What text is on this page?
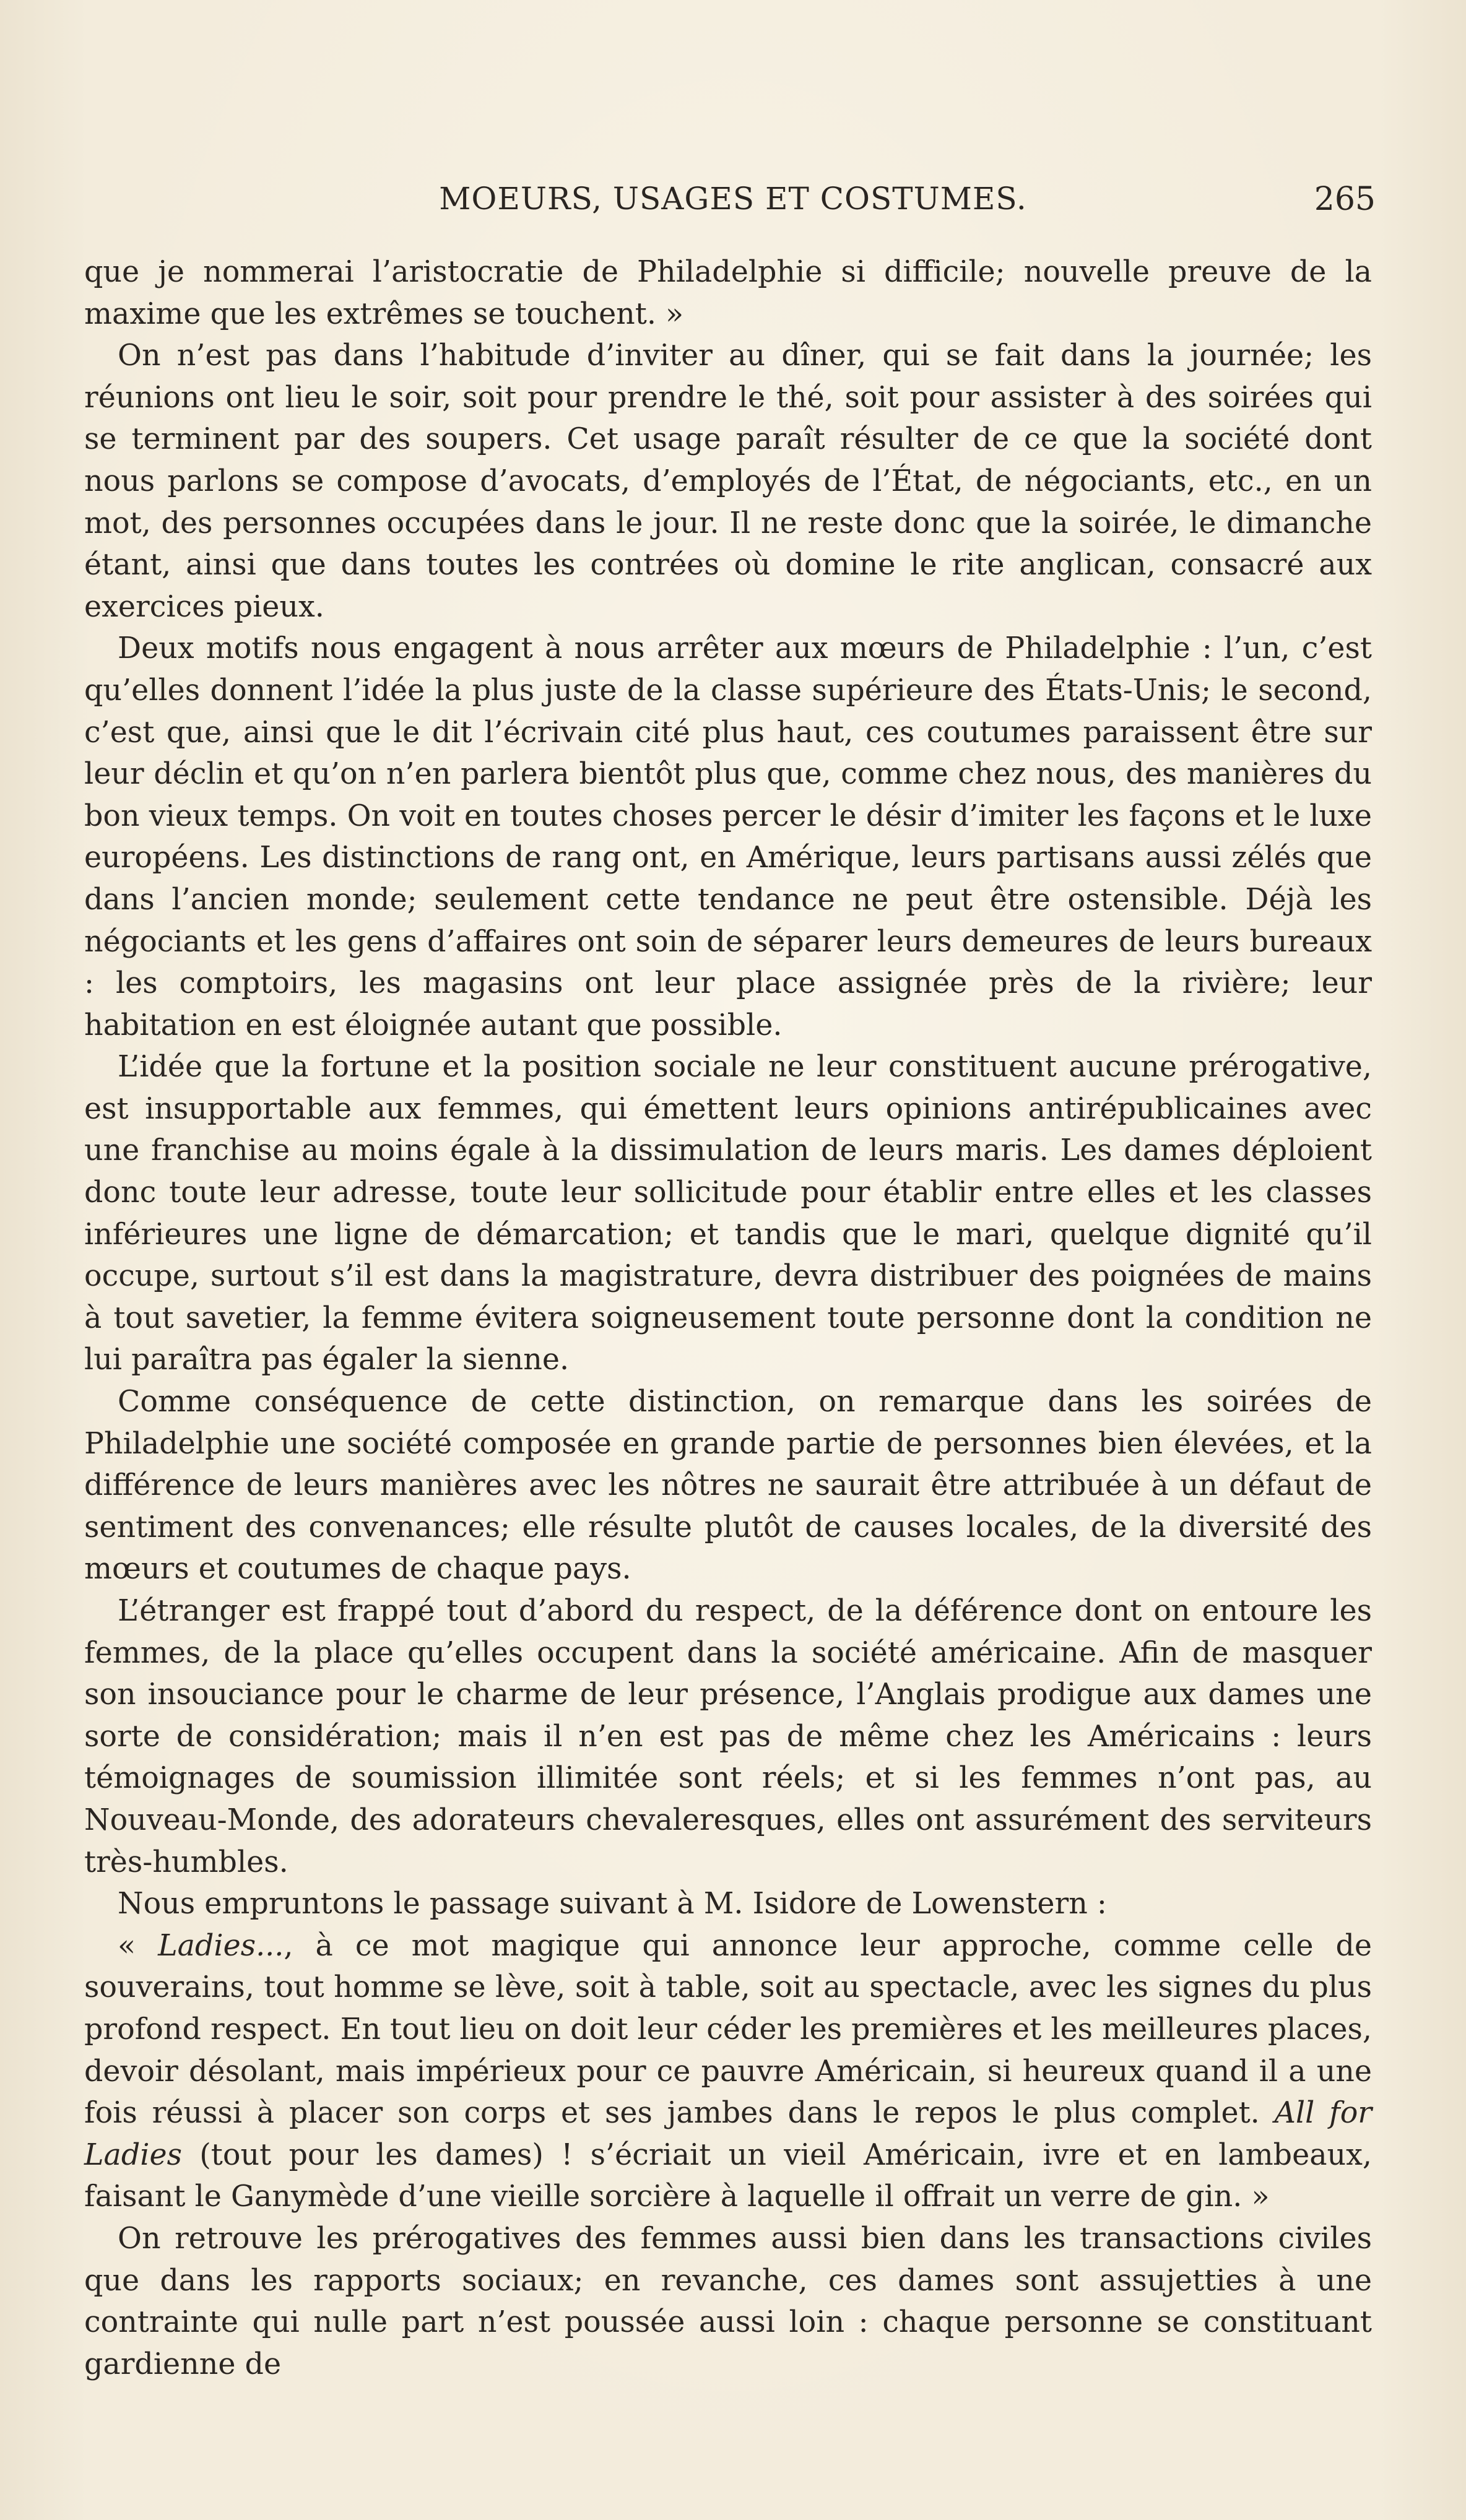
MOEURS, USAGES ET COSTUMES.	265

que je nommerai l’aristocratie de Philadelphie si difficile; nouvelle preuve de la maxime que les extrêmes se touchent. »

On n’est pas dans l’habitude d’inviter au dîner, qui se fait dans la journée; les réunions ont lieu le soir, soit pour prendre le thé, soit pour assister à des soirées qui se terminent par des soupers. Cet usage paraît résulter de ce que la société dont nous parlons se compose d’avocats, d’employés de l’État, de négociants, etc., en un mot, des personnes occupées dans le jour. Il ne reste donc que la soirée, le dimanche étant, ainsi que dans toutes les contrées où domine le rite anglican, consacré aux exercices pieux.

Deux motifs nous engagent à nous arrêter aux mœurs de Philadelphie : l’un, c’est qu’elles donnent l’idée la plus juste de la classe supérieure des États-Unis; le second, c’est que, ainsi que le dit l’écrivain cité plus haut, ces coutumes paraissent être sur leur déclin et qu’on n’en parlera bientôt plus que, comme chez nous, des manières du bon vieux temps. On voit en toutes choses percer le désir d’imiter les façons et le luxe européens. Les distinctions de rang ont, en Amérique, leurs partisans aussi zélés que dans l’ancien monde; seulement cette tendance ne peut être ostensible. Déjà les négociants et les gens d’affaires ont soin de séparer leurs demeures de leurs bureaux : les comptoirs, les magasins ont leur place assignée près de la rivière; leur habitation en est éloignée autant que possible.

L’idée que la fortune et la position sociale ne leur constituent aucune prérogative, est insupportable aux femmes, qui émettent leurs opinions antirépublicaines avec une franchise au moins égale à la dissimulation de leurs maris. Les dames déploient donc toute leur adresse, toute leur sollicitude pour établir entre elles et les classes inférieures une ligne de démarcation; et tandis que le mari, quelque dignité qu’il occupe, surtout s’il est dans la magistrature, devra distribuer des poignées de mains à tout savetier, la femme évitera soigneusement toute personne dont la condition ne lui paraîtra pas égaler la sienne.

Comme conséquence de cette distinction, on remarque dans les soirées de Philadelphie une société composée en grande partie de personnes bien élevées, et la différence de leurs manières avec les nôtres ne saurait être attribuée à un défaut de sentiment des convenances; elle résulte plutôt de causes locales, de la diversité des mœurs et coutumes de chaque pays.

L’étranger est frappé tout d’abord du respect, de la déférence dont on entoure les femmes, de la place qu’elles occupent dans la société américaine. Afin de masquer son insouciance pour le charme de leur présence, l’Anglais prodigue aux dames une sorte de considération; mais il n’en est pas de même chez les Américains : leurs témoignages de soumission illimitée sont réels; et si les femmes n’ont pas, au Nouveau-Monde, des adorateurs chevaleresques, elles ont assurément des serviteurs très-humbles.

Nous empruntons le passage suivant à M. Isidore de Lowenstern :

« Ladies..., à ce mot magique qui annonce leur approche, comme celle de souverains, tout homme se lève, soit à table, soit au spectacle, avec les signes du plus profond respect. En tout lieu on doit leur céder les premières et les meilleures places, devoir désolant, mais impérieux pour ce pauvre Américain, si heureux quand il a une fois réussi à placer son corps et ses jambes dans le repos le plus complet. All for Ladies (tout pour les dames) ! s’écriait un vieil Américain, ivre et en lambeaux, faisant le Ganymède d’une vieille sorcière à laquelle il offrait un verre de gin. »

On retrouve les prérogatives des femmes aussi bien dans les transactions civiles que dans les rapports sociaux; en revanche, ces dames sont assujetties à une contrainte qui nulle part n’est poussée aussi loin : chaque personne se constituant gardienne de
